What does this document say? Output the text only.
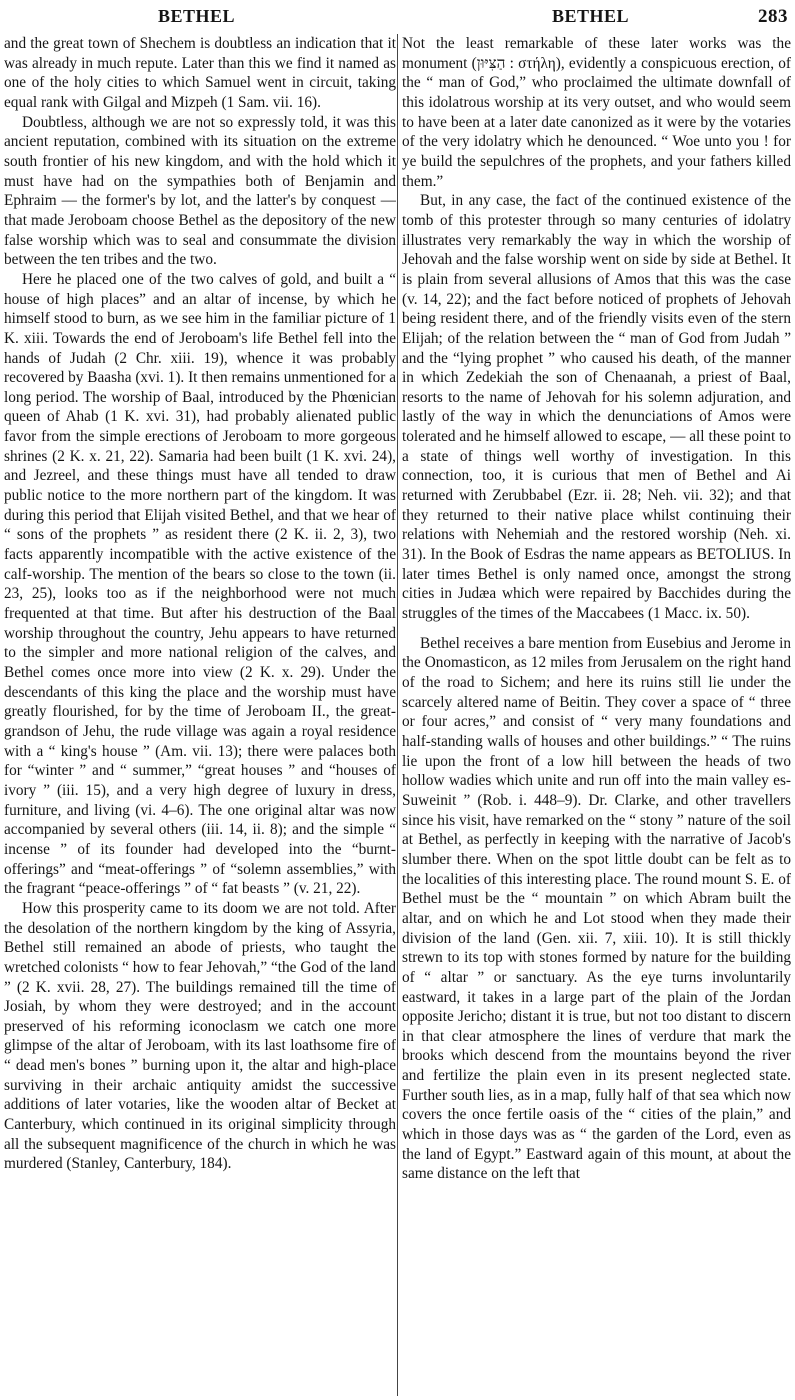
BETHEL	BETHEL	283

and the great town of Shechem is doubtless an indication that it was already in much repute. Later than this we find it named as one of the holy cities to which Samuel went in circuit, taking equal rank with Gilgal and Mizpeh (1 Sam. vii. 16).

Doubtless, although we are not so expressly told, it was this ancient reputation, combined with its situation on the extreme south frontier of his new kingdom, and with the hold which it must have had on the sympathies both of Benjamin and Ephraim — the former's by lot, and the latter's by conquest — that made Jeroboam choose Bethel as the depository of the new false worship which was to seal and consummate the division between the ten tribes and the two.

Here he placed one of the two calves of gold, and built a “ house of high places” and an altar of incense, by which he himself stood to burn, as we see him in the familiar picture of 1 K. xiii. Towards the end of Jeroboam's life Bethel fell into the hands of Judah (2 Chr. xiii. 19), whence it was probably recovered by Baasha (xvi. 1). It then remains unmentioned for a long period. The worship of Baal, introduced by the Phœnician queen of Ahab (1 K. xvi. 31), had probably alienated public favor from the simple erections of Jeroboam to more gorgeous shrines (2 K. x. 21, 22). Samaria had been built (1 K. xvi. 24), and Jezreel, and these things must have all tended to draw public notice to the more northern part of the kingdom. It was during this period that Elijah visited Bethel, and that we hear of “ sons of the prophets ” as resident there (2 K. ii. 2, 3), two facts apparently incompatible with the active existence of the calf-worship. The mention of the bears so close to the town (ii. 23, 25), looks too as if the neighborhood were not much frequented at that time. But after his destruction of the Baal worship throughout the country, Jehu appears to have returned to the simpler and more national religion of the calves, and Bethel comes once more into view (2 K. x. 29). Under the descendants of this king the place and the worship must have greatly flourished, for by the time of Jeroboam II., the great-grandson of Jehu, the rude village was again a royal residence with a “ king's house ” (Am. vii. 13); there were palaces both for “winter ” and “ summer,” “great houses ” and “houses of ivory ” (iii. 15), and a very high degree of luxury in dress, furniture, and living (vi. 4–6). The one original altar was now accompanied by several others (iii. 14, ii. 8); and the simple “ incense ” of its founder had developed into the “burnt-offerings” and “meat-offerings ” of “solemn assemblies,” with the fragrant “peace-offerings ” of “ fat beasts ” (v. 21, 22).

How this prosperity came to its doom we are not told. After the desolation of the northern kingdom by the king of Assyria, Bethel still remained an abode of priests, who taught the wretched colonists “ how to fear Jehovah,” “the God of the land ” (2 K. xvii. 28, 27). The buildings remained till the time of Josiah, by whom they were destroyed; and in the account preserved of his reforming iconoclasm we catch one more glimpse of the altar of Jeroboam, with its last loathsome fire of “ dead men's bones ” burning upon it, the altar and high-place surviving in their archaic antiquity amidst the successive additions of later votaries, like the wooden altar of Becket at Canterbury, which continued in its original simplicity through all the subsequent magnificence of the church in which he was murdered (Stanley, Canterbury, 184).

Not the least remarkable of these later works was the monument (הַצִּיּוּן : στήλη), evidently a conspicuous erection, of the “ man of God,” who proclaimed the ultimate downfall of this idolatrous worship at its very outset, and who would seem to have been at a later date canonized as it were by the votaries of the very idolatry which he denounced. “ Woe unto you ! for ye build the sepulchres of the prophets, and your fathers killed them.”

But, in any case, the fact of the continued existence of the tomb of this protester through so many centuries of idolatry illustrates very remarkably the way in which the worship of Jehovah and the false worship went on side by side at Bethel. It is plain from several allusions of Amos that this was the case (v. 14, 22); and the fact before noticed of prophets of Jehovah being resident there, and of the friendly visits even of the stern Elijah; of the relation between the “ man of God from Judah ” and the “lying prophet ” who caused his death, of the manner in which Zedekiah the son of Chenaanah, a priest of Baal, resorts to the name of Jehovah for his solemn adjuration, and lastly of the way in which the denunciations of Amos were tolerated and he himself allowed to escape, — all these point to a state of things well worthy of investigation. In this connection, too, it is curious that men of Bethel and Ai returned with Zerubbabel (Ezr. ii. 28; Neh. vii. 32); and that they returned to their native place whilst continuing their relations with Nehemiah and the restored worship (Neh. xi. 31). In the Book of Esdras the name appears as BETOLIUS. In later times Bethel is only named once, amongst the strong cities in Judæa which were repaired by Bacchides during the struggles of the times of the Maccabees (1 Macc. ix. 50).

Bethel receives a bare mention from Eusebius and Jerome in the Onomasticon, as 12 miles from Jerusalem on the right hand of the road to Sichem; and here its ruins still lie under the scarcely altered name of Beitin. They cover a space of “ three or four acres,” and consist of “ very many foundations and half-standing walls of houses and other buildings.” “ The ruins lie upon the front of a low hill between the heads of two hollow wadies which unite and run off into the main valley es-Suweinit ” (Rob. i. 448–9). Dr. Clarke, and other travellers since his visit, have remarked on the “ stony ” nature of the soil at Bethel, as perfectly in keeping with the narrative of Jacob's slumber there. When on the spot little doubt can be felt as to the localities of this interesting place. The round mount S. E. of Bethel must be the “ mountain ” on which Abram built the altar, and on which he and Lot stood when they made their division of the land (Gen. xii. 7, xiii. 10). It is still thickly strewn to its top with stones formed by nature for the building of “ altar ” or sanctuary. As the eye turns involuntarily eastward, it takes in a large part of the plain of the Jordan opposite Jericho; distant it is true, but not too distant to discern in that clear atmosphere the lines of verdure that mark the brooks which descend from the mountains beyond the river and fertilize the plain even in its present neglected state. Further south lies, as in a map, fully half of that sea which now covers the once fertile oasis of the “ cities of the plain,” and which in those days was as “ the garden of the Lord, even as the land of Egypt.” Eastward again of this mount, at about the same distance on the left that
